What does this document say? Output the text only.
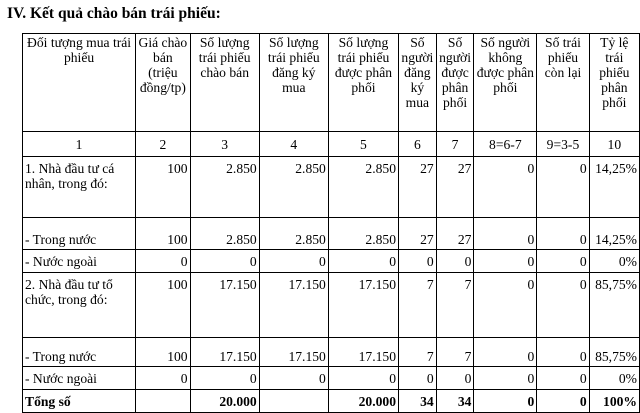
IV. Kết quả chào bán trái phiếu:
Đối tượng mua trái phiếu	Giá chào bán (triệu đồng/tp)	Số lượng trái phiếu chào bán	Số lượng trái phiếu đăng ký mua	Số lượng trái phiếu được phân phối	Số người đăng ký mua	Số người được phân phối	Số người không được phân phối	Số trái phiếu còn lại	Tỷ lệ trái phiếu phân phối
1	2	3	4	5	6	7	8=6-7	9=3-5	10
1. Nhà đầu tư cá nhân, trong đó:	100	2.850	2.850	2.850	27	27	0	0	14,25%
- Trong nước	100	2.850	2.850	2.850	27	27	0	0	14,25%
- Nước ngoài	0	0	0	0	0	0	0	0	0%
2. Nhà đầu tư tổ chức, trong đó:	100	17.150	17.150	17.150	7	7	0	0	85,75%
- Trong nước	100	17.150	17.150	17.150	7	7	0	0	85,75%
- Nước ngoài	0	0	0	0	0	0	0	0	0%
Tổng số		20.000		20.000	34	34	0	0	100%
